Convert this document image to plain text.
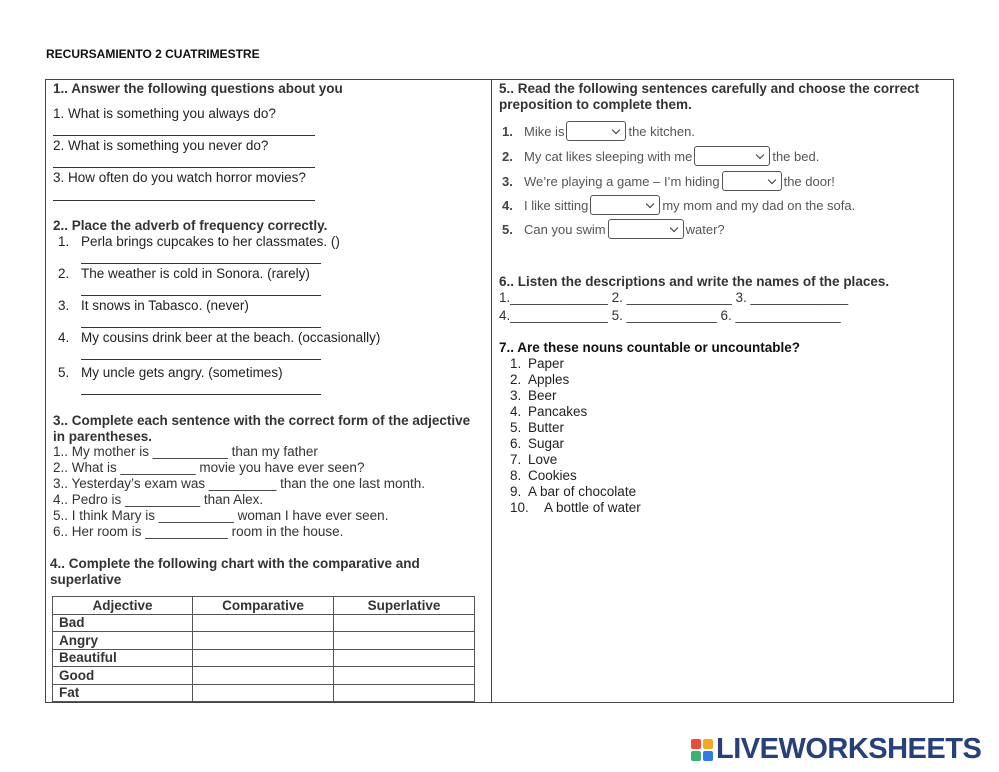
RECURSAMIENTO 2 CUATRIMESTRE
1.. Answer the following questions about you
1. What is something you always do?
2. What is something you never do?
3. How often do you watch horror movies?
2.. Place the adverb of frequency correctly.
1. Perla brings cupcakes to her classmates. ()
2. The weather is cold in Sonora. (rarely)
3. It snows in Tabasco. (never)
4. My cousins drink beer at the beach. (occasionally)
5. My uncle gets angry. (sometimes)
3.. Complete each sentence with the correct form of the adjective
in parentheses.
1.. My mother is __________ than my father
2.. What is __________ movie you have ever seen?
3.. Yesterday’s exam was _________ than the one last month.
4.. Pedro is __________ than Alex.
5.. I think Mary is __________ woman I have ever seen.
6.. Her room is ___________ room in the house.
4.. Complete the following chart with the comparative and
superlative
Adjective	Comparative	Superlative
Bad		
Angry		
Beautiful		
Good		
Fat		
5.. Read the following sentences carefully and choose the correct
preposition to complete them.
1. Mike is	the kitchen.
2. My cat likes sleeping with me	the bed.
3. We’re playing a game – I’m hiding	the door!
4. I like sitting	my mom and my dad on the sofa.
5. Can you swim	water?
6.. Listen the descriptions and write the names of the places.
1._____________ 2. ______________ 3. _____________
4._____________ 5. ____________ 6. ______________
7.. Are these nouns countable or uncountable?
1. Paper
2. Apples
3. Beer
4. Pancakes
5. Butter
6. Sugar
7. Love
8. Cookies
9. A bar of chocolate
10. A bottle of water
LIVEWORKSHEETS
